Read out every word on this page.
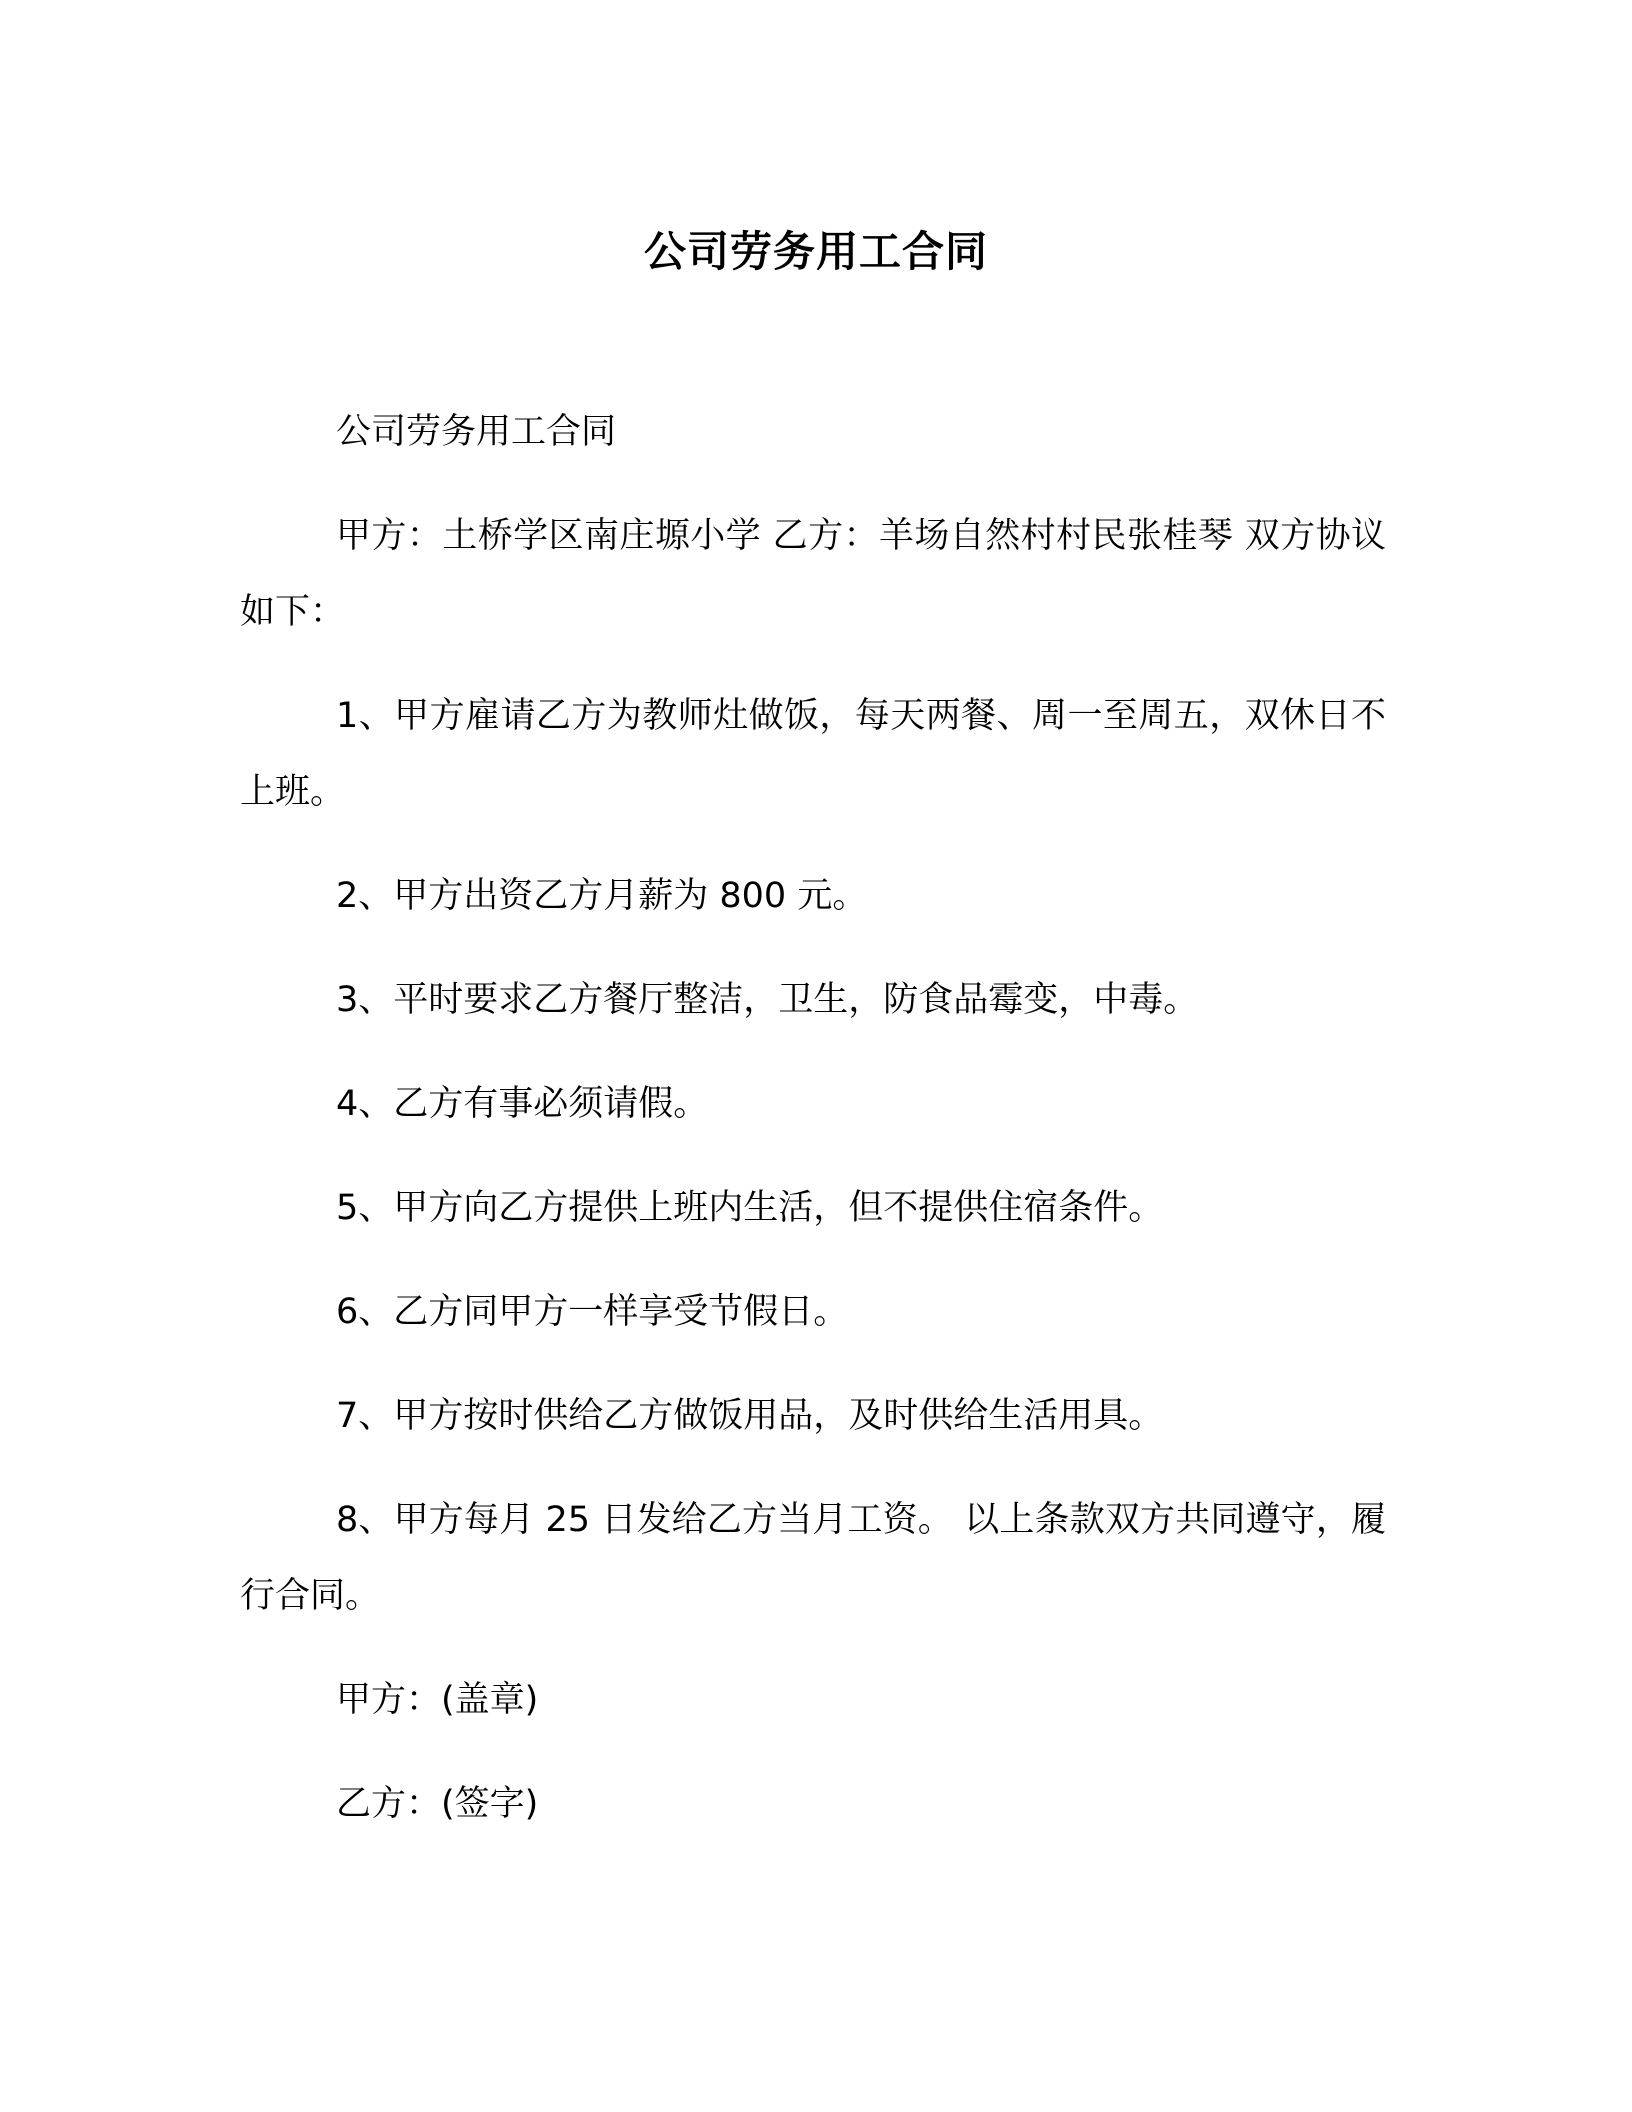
公司劳务用工合同

公司劳务用工合同

甲方：土桥学区南庄塬小学 乙方：羊场自然村村民张桂琴 双方协议如下：

1、甲方雇请乙方为教师灶做饭，每天两餐、周一至周五，双休日不上班。

2、甲方出资乙方月薪为 800 元。

3、平时要求乙方餐厅整洁，卫生，防食品霉变，中毒。

4、乙方有事必须请假。

5、甲方向乙方提供上班内生活，但不提供住宿条件。

6、乙方同甲方一样享受节假日。

7、甲方按时供给乙方做饭用品，及时供给生活用具。

8、甲方每月 25 日发给乙方当月工资。 以上条款双方共同遵守，履行合同。

甲方：(盖章)

乙方：(签字)
